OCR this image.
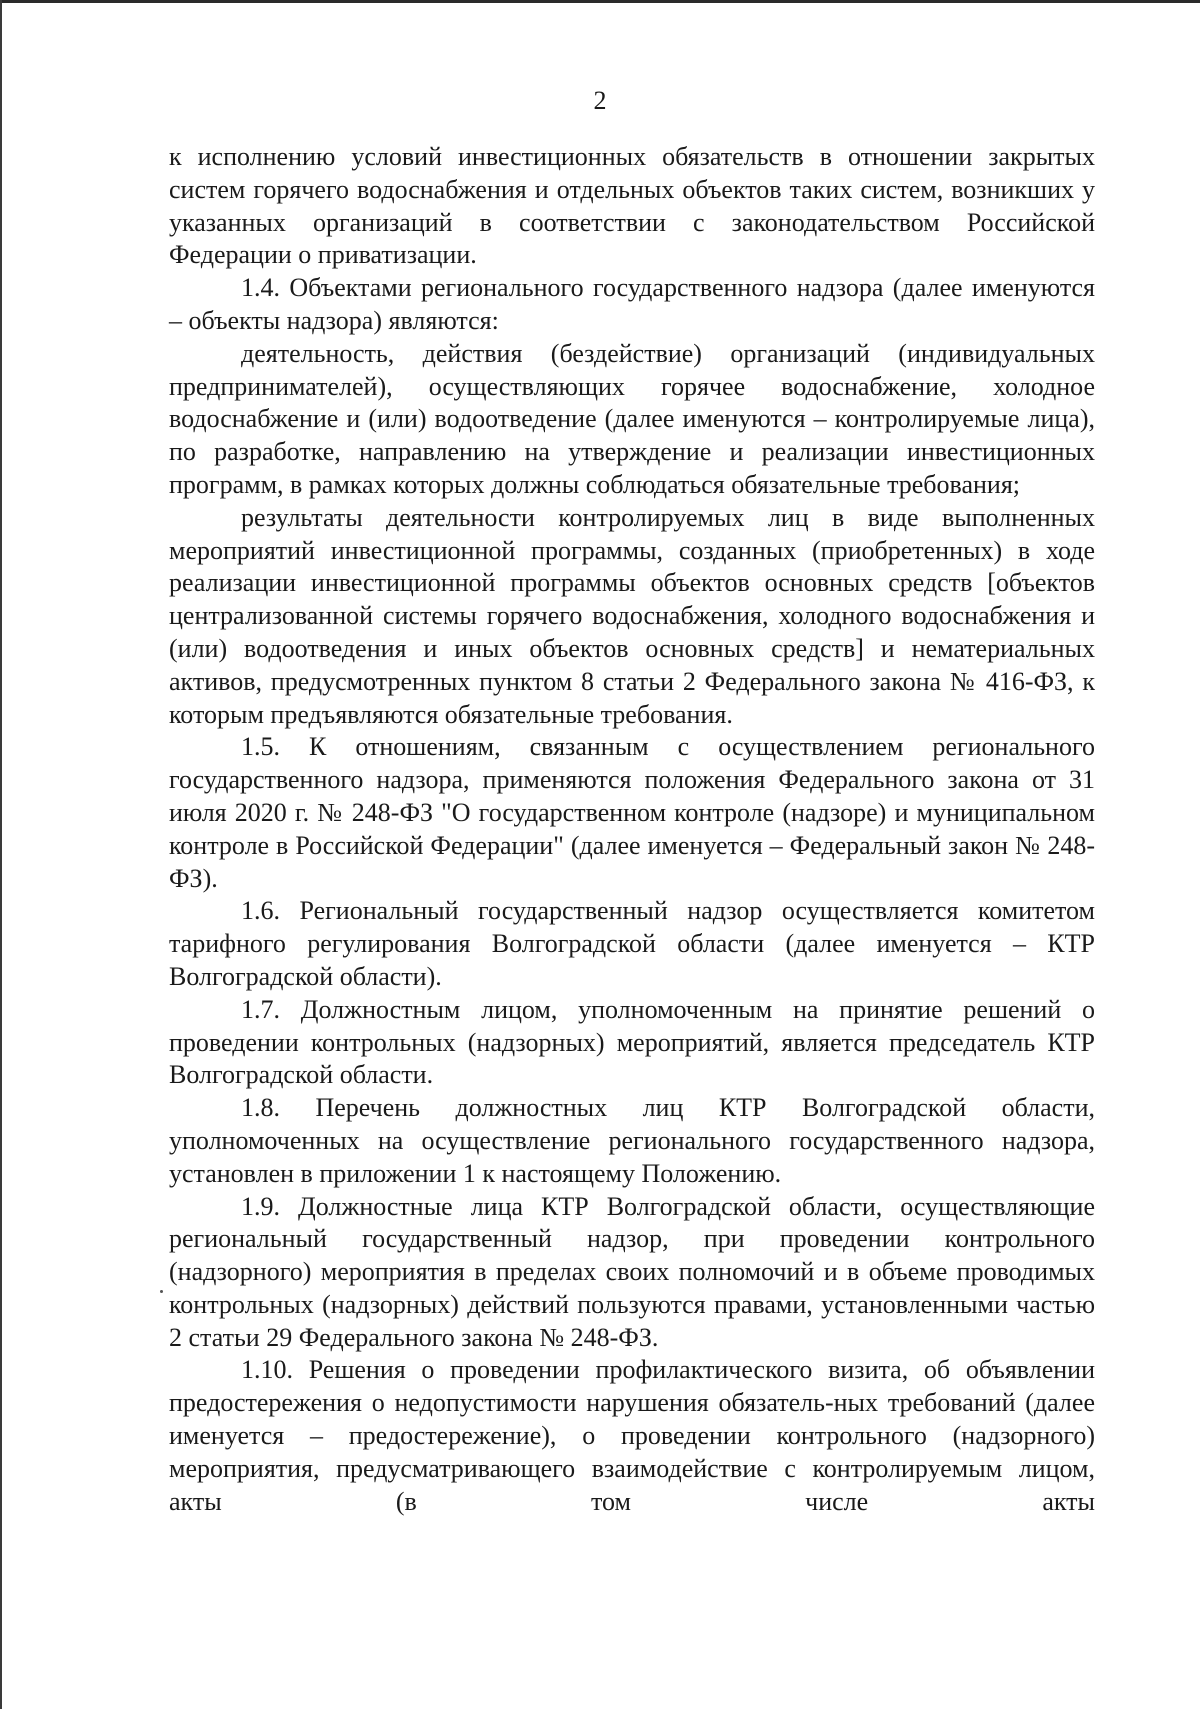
2

к исполнению условий инвестиционных обязательств в отношении закрытых систем горячего водоснабжения и отдельных объектов таких систем, возникших у указанных организаций в соответствии с законодательством Российской Федерации о приватизации.

1.4. Объектами регионального государственного надзора (далее именуются – объекты надзора) являются:

деятельность, действия (бездействие) организаций (индивидуальных предпринимателей), осуществляющих горячее водоснабжение, холодное водоснабжение и (или) водоотведение (далее именуются – контролируемые лица), по разработке, направлению на утверждение и реализации инвестиционных программ, в рамках которых должны соблюдаться обязательные требования;

результаты деятельности контролируемых лиц в виде выполненных мероприятий инвестиционной программы, созданных (приобретенных) в ходе реализации инвестиционной программы объектов основных средств [объектов централизованной системы горячего водоснабжения, холодного водоснабжения и (или) водоотведения и иных объектов основных средств] и нематериальных активов, предусмотренных пунктом 8 статьи 2 Федерального закона № 416-ФЗ, к которым предъявляются обязательные требования.

1.5. К отношениям, связанным с осуществлением регионального государственного надзора, применяются положения Федерального закона от 31 июля 2020 г. № 248-ФЗ "О государственном контроле (надзоре) и муниципальном контроле в Российской Федерации" (далее именуется – Федеральный закон № 248-ФЗ).

1.6. Региональный государственный надзор осуществляется комитетом тарифного регулирования Волгоградской области (далее именуется – КТР Волгоградской области).

1.7. Должностным лицом, уполномоченным на принятие решений о проведении контрольных (надзорных) мероприятий, является председатель КТР Волгоградской области.

1.8. Перечень должностных лиц КТР Волгоградской области, уполномоченных на осуществление регионального государственного надзора, установлен в приложении 1 к настоящему Положению.

1.9. Должностные лица КТР Волгоградской области, осуществляющие региональный государственный надзор, при проведении контрольного (надзорного) мероприятия в пределах своих полномочий и в объеме проводимых контрольных (надзорных) действий пользуются правами, установленными частью 2 статьи 29 Федерального закона № 248-ФЗ.

1.10. Решения о проведении профилактического визита, об объявлении предостережения о недопустимости нарушения обязатель-ных требований (далее именуется – предостережение), о проведении контрольного (надзорного) мероприятия, предусматривающего взаимодействие с контролируемым лицом, акты (в том числе акты
